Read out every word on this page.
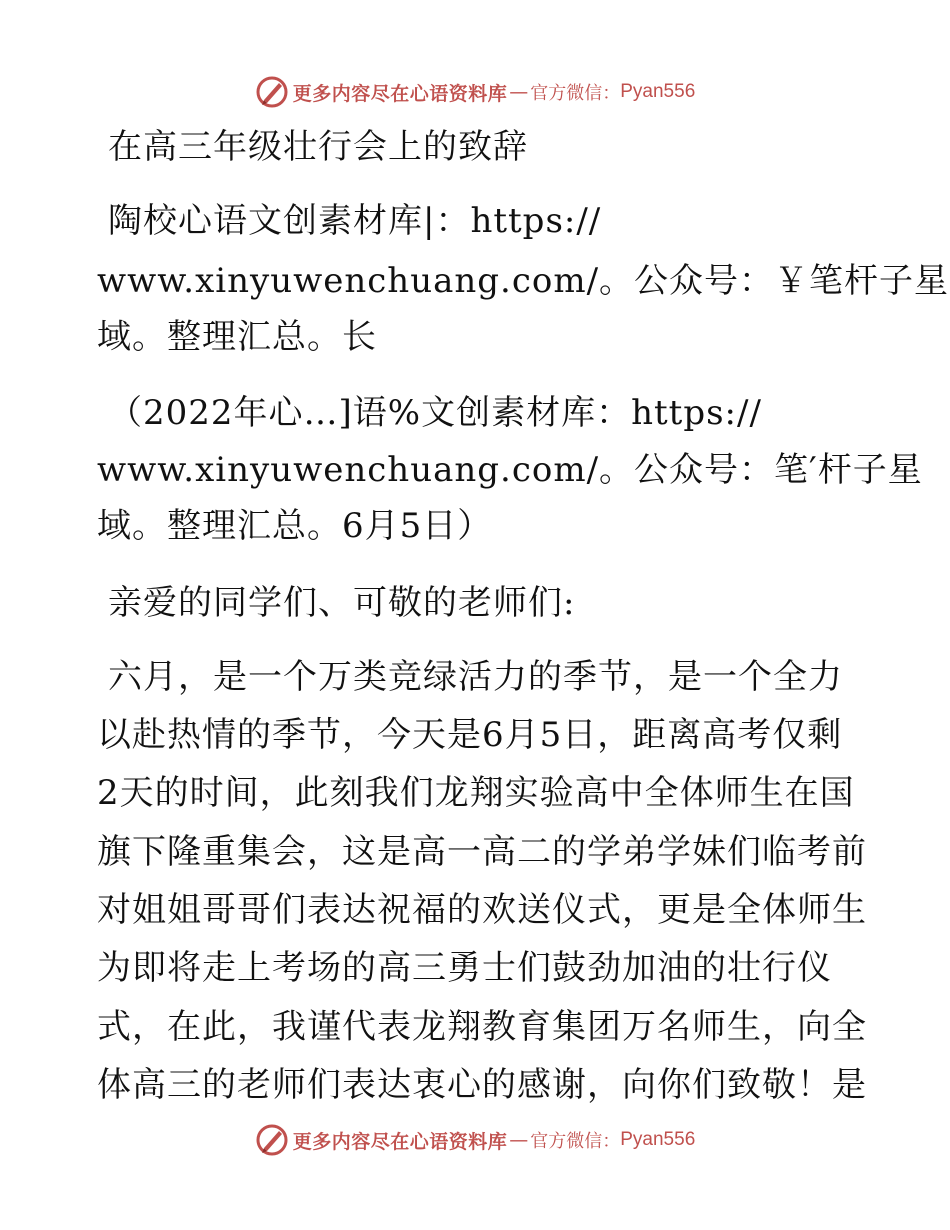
更多内容尽在心语资料库 — 官方微信： Pyan556
在高三年级壮行会上的致辞
陶校心语文创素材库|：https://
www.xinyuwenchuang.com/。公众号：￥笔杆子星
域。整理汇总。长
（2022年心…]语%文创素材库：https://
www.xinyuwenchuang.com/。公众号：笔′杆子星
域。整理汇总。6月5日）
亲爱的同学们、可敬的老师们:
六月，是一个万类竞绿活力的季节，是一个全力
以赴热情的季节，今天是6月5日，距离高考仅剩
2天的时间，此刻我们龙翔实验高中全体师生在国
旗下隆重集会，这是高一高二的学弟学妹们临考前
对姐姐哥哥们表达祝福的欢送仪式，更是全体师生
为即将走上考场的高三勇士们鼓劲加油的壮行仪
式，在此，我谨代表龙翔教育集团万名师生，向全
体高三的老师们表达衷心的感谢，向你们致敬！是
更多内容尽在心语资料库 — 官方微信： Pyan556
